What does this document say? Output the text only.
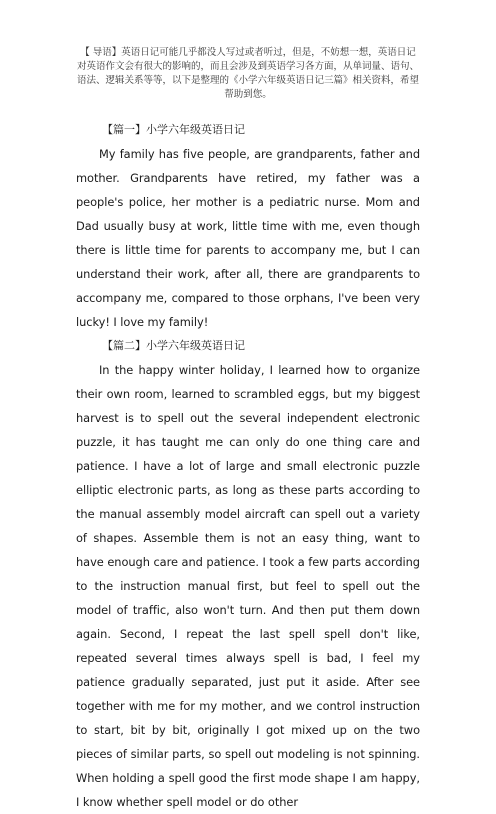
【 导语】英语日记可能几乎都没人写过或者听过，但是，不妨想一想，英语日记对英语作文会有很大的影响的，而且会涉及到英语学习各方面，从单词量、语句、语法、逻辑关系等等，以下是整理的《小学六年级英语日记三篇》相关资料，希望帮助到您。
【篇一】小学六年级英语日记

My family has five people, are grandparents, father and mother. Grandparents have retired, my father was a people's police, her mother is a pediatric nurse. Mom and Dad usually busy at work, little time with me, even though there is little time for parents to accompany me, but I can understand their work, after all, there are grandparents to accompany me, compared to those orphans, I've been very lucky! I love my family!

【篇二】小学六年级英语日记

In the happy winter holiday, I learned how to organize their own room, learned to scrambled eggs, but my biggest harvest is to spell out the several independent electronic puzzle, it has taught me can only do one thing care and patience. I have a lot of large and small electronic puzzle elliptic electronic parts, as long as these parts according to the manual assembly model aircraft can spell out a variety of shapes. Assemble them is not an easy thing, want to have enough care and patience. I took a few parts according to the instruction manual first, but feel to spell out the model of traffic, also won't turn. And then put them down again. Second, I repeat the last spell spell don't like, repeated several times always spell is bad, I feel my patience gradually separated, just put it aside. After see together with me for my mother, and we control instruction to start, bit by bit, originally I got mixed up on the two pieces of similar parts, so spell out modeling is not spinning. When holding a spell good the first mode shape I am happy, I know whether spell model or do other
